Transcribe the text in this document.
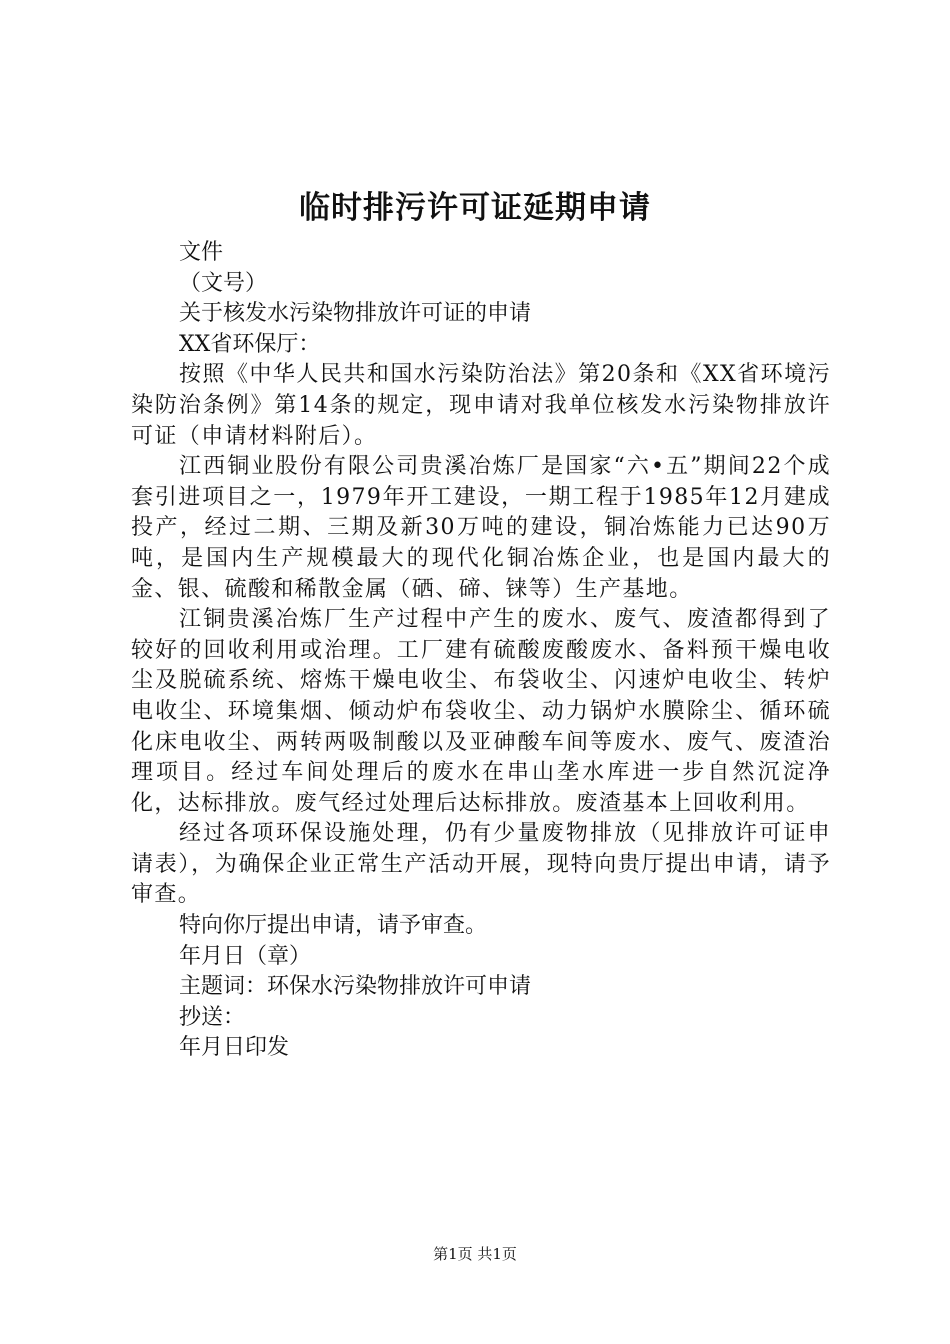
临时排污许可证延期申请
文件
（文号）
关于核发水污染物排放许可证的申请
XX省环保厅：

按照《中华人民共和国水污染防治法》第20条和《XX省环境污染防治条例》第14条的规定，现申请对我单位核发水污染物排放许可证（申请材料附后）。

江西铜业股份有限公司贵溪冶炼厂是国家“六•五”期间22个成套引进项目之一，1979年开工建设，一期工程于1985年12月建成投产，经过二期、三期及新30万吨的建设，铜冶炼能力已达90万吨，是国内生产规模最大的现代化铜冶炼企业，也是国内最大的金、银、硫酸和稀散金属（硒、碲、铼等）生产基地。

江铜贵溪冶炼厂生产过程中产生的废水、废气、废渣都得到了较好的回收利用或治理。工厂建有硫酸废酸废水、备料预干燥电收尘及脱硫系统、熔炼干燥电收尘、布袋收尘、闪速炉电收尘、转炉电收尘、环境集烟、倾动炉布袋收尘、动力锅炉水膜除尘、循环硫化床电收尘、两转两吸制酸以及亚砷酸车间等废水、废气、废渣治理项目。经过车间处理后的废水在串山垄水库进一步自然沉淀净化，达标排放。废气经过处理后达标排放。废渣基本上回收利用。

经过各项环保设施处理，仍有少量废物排放（见排放许可证申请表），为确保企业正常生产活动开展，现特向贵厅提出申请，请予审查。

特向你厅提出申请，请予审查。
年月日（章）
主题词：环保水污染物排放许可申请
抄送：
年月日印发
第1页 共1页
